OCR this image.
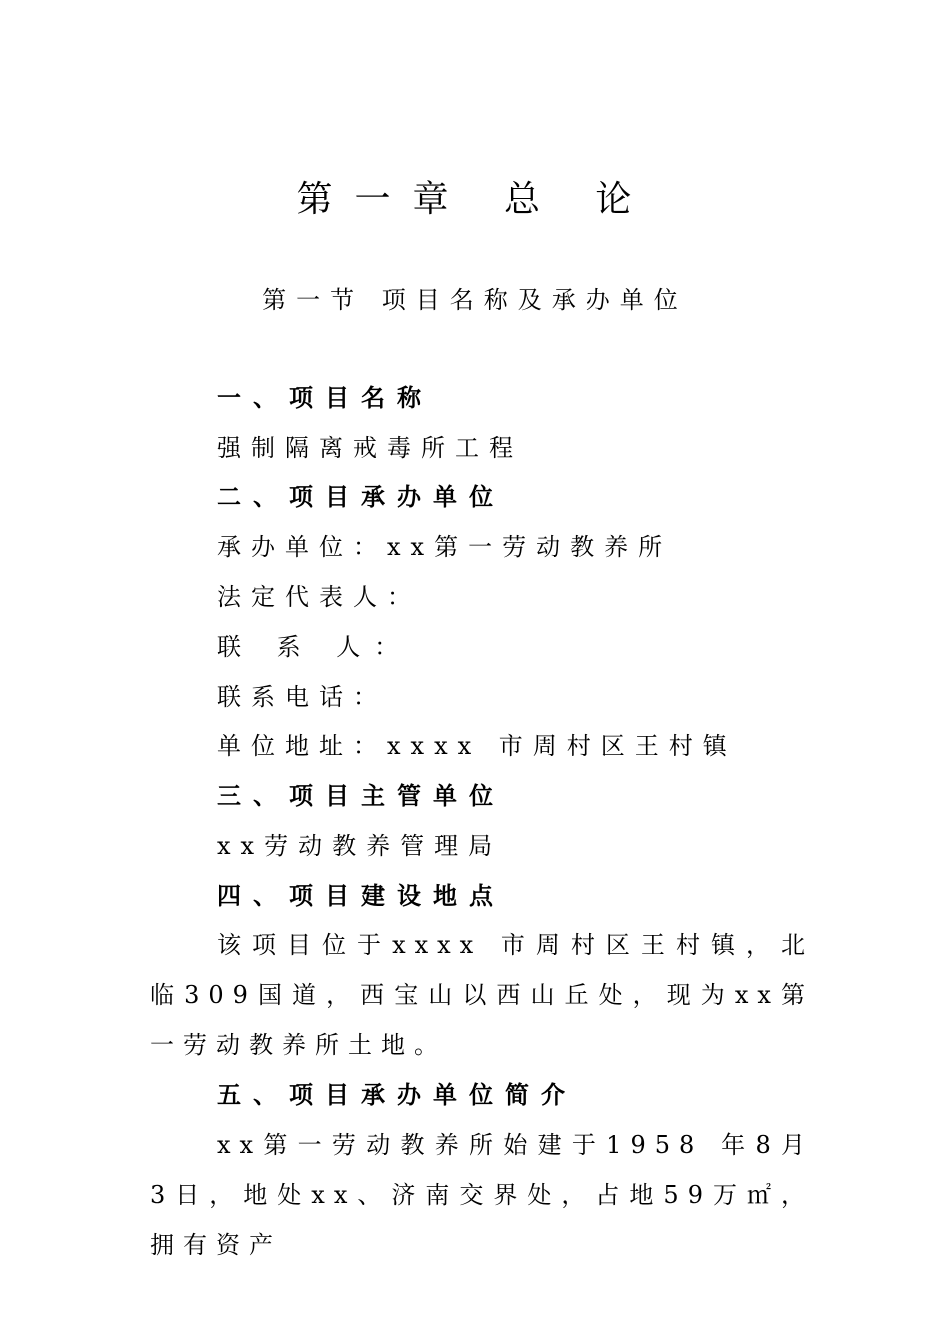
第一章 总 论
第一节 项目名称及承办单位
一、项目名称
强制隔离戒毒所工程
二、项目承办单位
承办单位：xx第一劳动教养所
法定代表人：
联 系 人：
联系电话：
单位地址：xxxx 市周村区王村镇
三、项目主管单位
xx劳动教养管理局
四、项目建设地点
该项目位于xxxx 市周村区王村镇，北临309国道，西宝山以西山丘处，现为xx第一劳动教养所土地。
五、项目承办单位简介
xx第一劳动教养所始建于1958 年8月3日，地处xx、济南交界处，占地59万㎡，拥有资产
